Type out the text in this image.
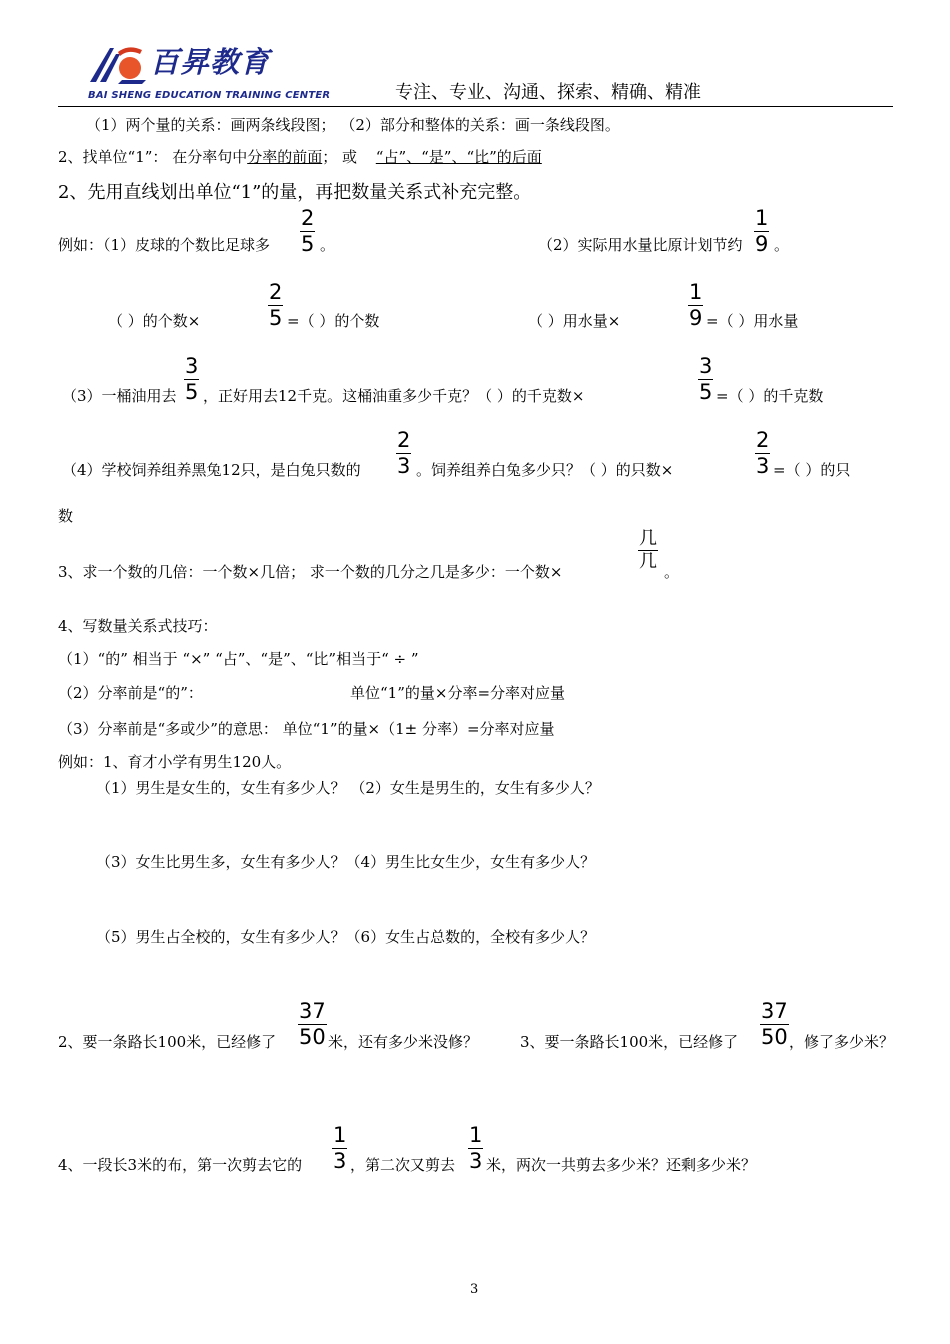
百昇教育
BAI SHENG EDUCATION TRAINING CENTER	专注、专业、沟通、探索、精确、精准
（1）两个量的关系：画两条线段图； （2）部分和整体的关系：画一条线段图。
2、找单位“1”： 在分率句中分率的前面； 或 “占”、“是”、“比”的后面
2、先用直线划出单位“1”的量，再把数量关系式补充完整。
例如：（1）皮球的个数比足球多
2
5 。	（2）实际用水量比原计划节约
1
9 。
（ ）的个数×
2
5 =（ ）的个数	（ ）用水量×
1
9 =（ ）用水量
（3）一桶油用去
3
5 ，正好用去12千克。这桶油重多少千克？（ ）的千克数×
3
5 =（ ）的千克数
（4）学校饲养组养黑兔12只，是白兔只数的
2
3 。饲养组养白兔多少只？（ ）的只数×
2
3 =（ ）的只
数
3、求一个数的几倍：一个数×几倍； 求一个数的几分之几是多少：一个数×
几
几 。
4、写数量关系式技巧：
（1）“的” 相当于 “×” “占”、“是”、“比”相当于“ ÷ ”
（2）分率前是“的”：	单位“1”的量×分率=分率对应量
（3）分率前是“多或少”的意思： 单位“1”的量×（1± 分率）=分率对应量
例如：1、育才小学有男生120人。
（1）男生是女生的，女生有多少人？ （2）女生是男生的，女生有多少人？
（3）女生比男生多，女生有多少人？（4）男生比女生少，女生有多少人？
（5）男生占全校的，女生有多少人？（6）女生占总数的，全校有多少人？
2、要一条路长100米，已经修了
37
50 米，还有多少米没修？	3、要一条路长100米，已经修了
37
50 ，修了多少米？
4、一段长3米的布，第一次剪去它的
1
3 ，第二次又剪去
1
3 米，两次一共剪去多少米？还剩多少米？
3
